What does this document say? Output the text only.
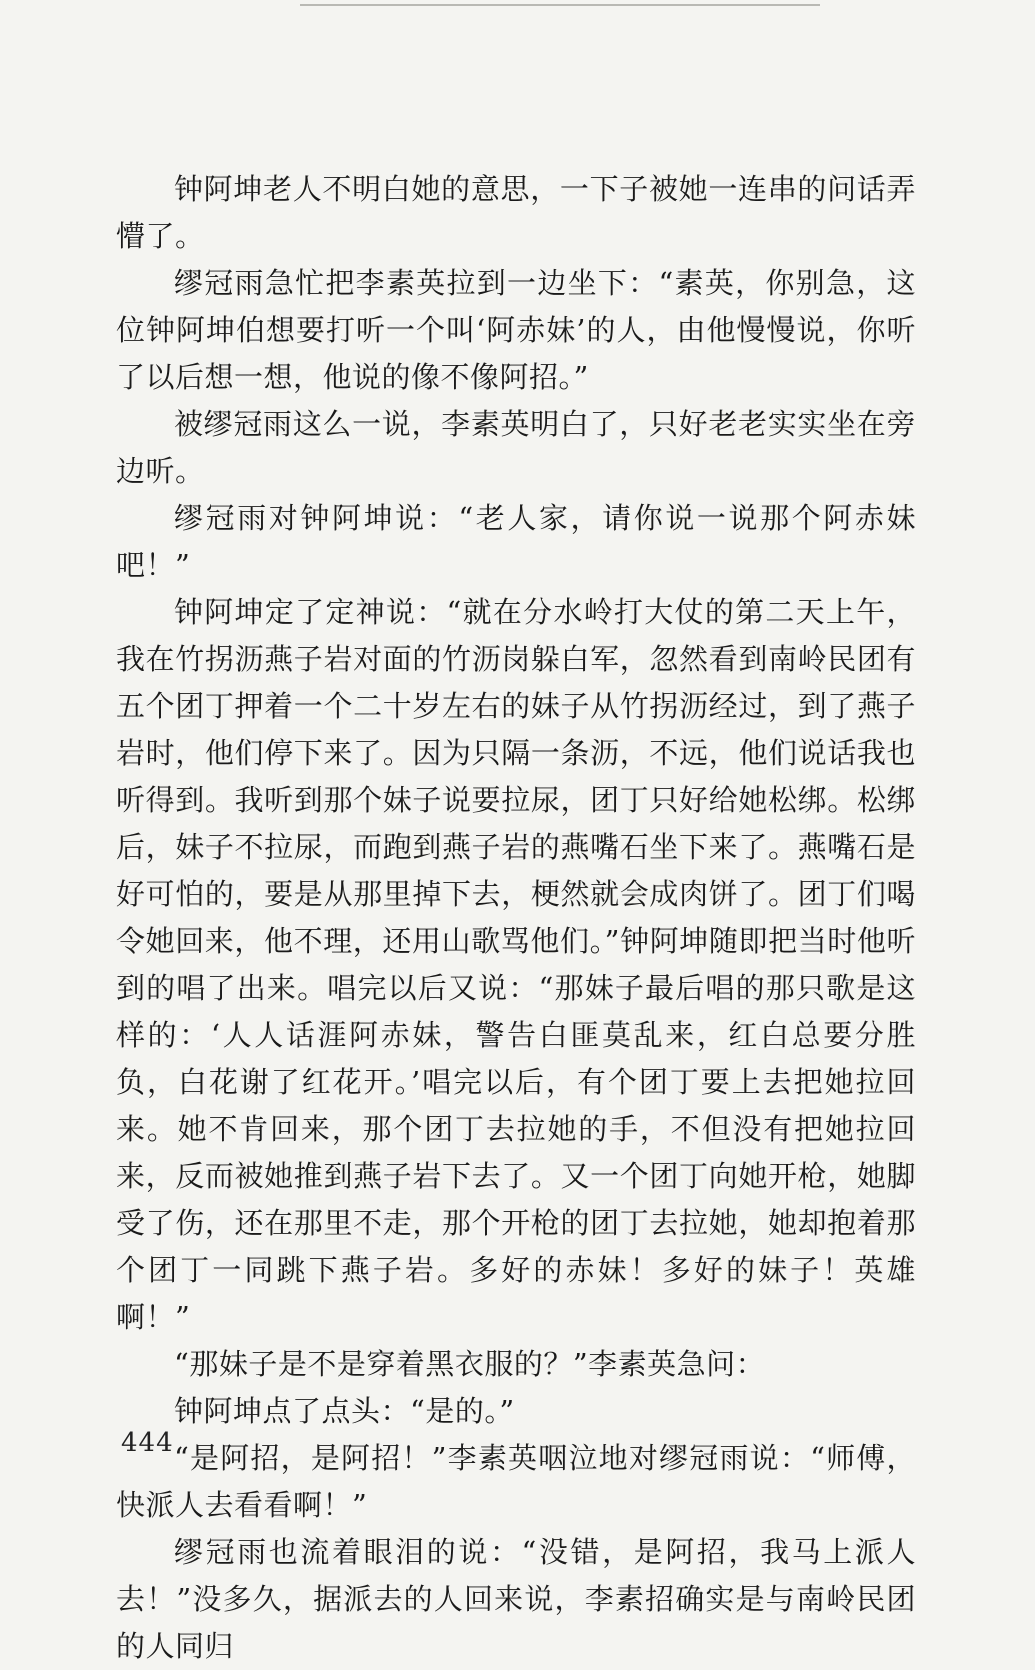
钟阿坤老人不明白她的意思，一下子被她一连串的问话弄懵了。

缪冠雨急忙把李素英拉到一边坐下：“素英，你别急，这位钟阿坤伯想要打听一个叫‘阿赤妹’的人，由他慢慢说，你听了以后想一想，他说的像不像阿招。”

被缪冠雨这么一说，李素英明白了，只好老老实实坐在旁边听。

缪冠雨对钟阿坤说：“老人家，请你说一说那个阿赤妹吧！”

钟阿坤定了定神说：“就在分水岭打大仗的第二天上午，我在竹拐沥燕子岩对面的竹沥岗躲白军，忽然看到南岭民团有五个团丁押着一个二十岁左右的妹子从竹拐沥经过，到了燕子岩时，他们停下来了。因为只隔一条沥，不远，他们说话我也听得到。我听到那个妹子说要拉尿，团丁只好给她松绑。松绑后，妹子不拉尿，而跑到燕子岩的燕嘴石坐下来了。燕嘴石是好可怕的，要是从那里掉下去，梗然就会成肉饼了。团丁们喝令她回来，他不理，还用山歌骂他们。”钟阿坤随即把当时他听到的唱了出来。唱完以后又说：“那妹子最后唱的那只歌是这样的：‘人人话涯阿赤妹，警告白匪莫乱来，红白总要分胜负，白花谢了红花开。’唱完以后，有个团丁要上去把她拉回来。她不肯回来，那个团丁去拉她的手，不但没有把她拉回来，反而被她推到燕子岩下去了。又一个团丁向她开枪，她脚受了伤，还在那里不走，那个开枪的团丁去拉她，她却抱着那个团丁一同跳下燕子岩。多好的赤妹！多好的妹子！英雄啊！”

“那妹子是不是穿着黑衣服的？”李素英急问：

钟阿坤点了点头：“是的。”

“是阿招，是阿招！”李素英咽泣地对缪冠雨说：“师傅，快派人去看看啊！”

缪冠雨也流着眼泪的说：“没错，是阿招，我马上派人去！”没多久，据派去的人回来说，李素招确实是与南岭民团的人同归

444
